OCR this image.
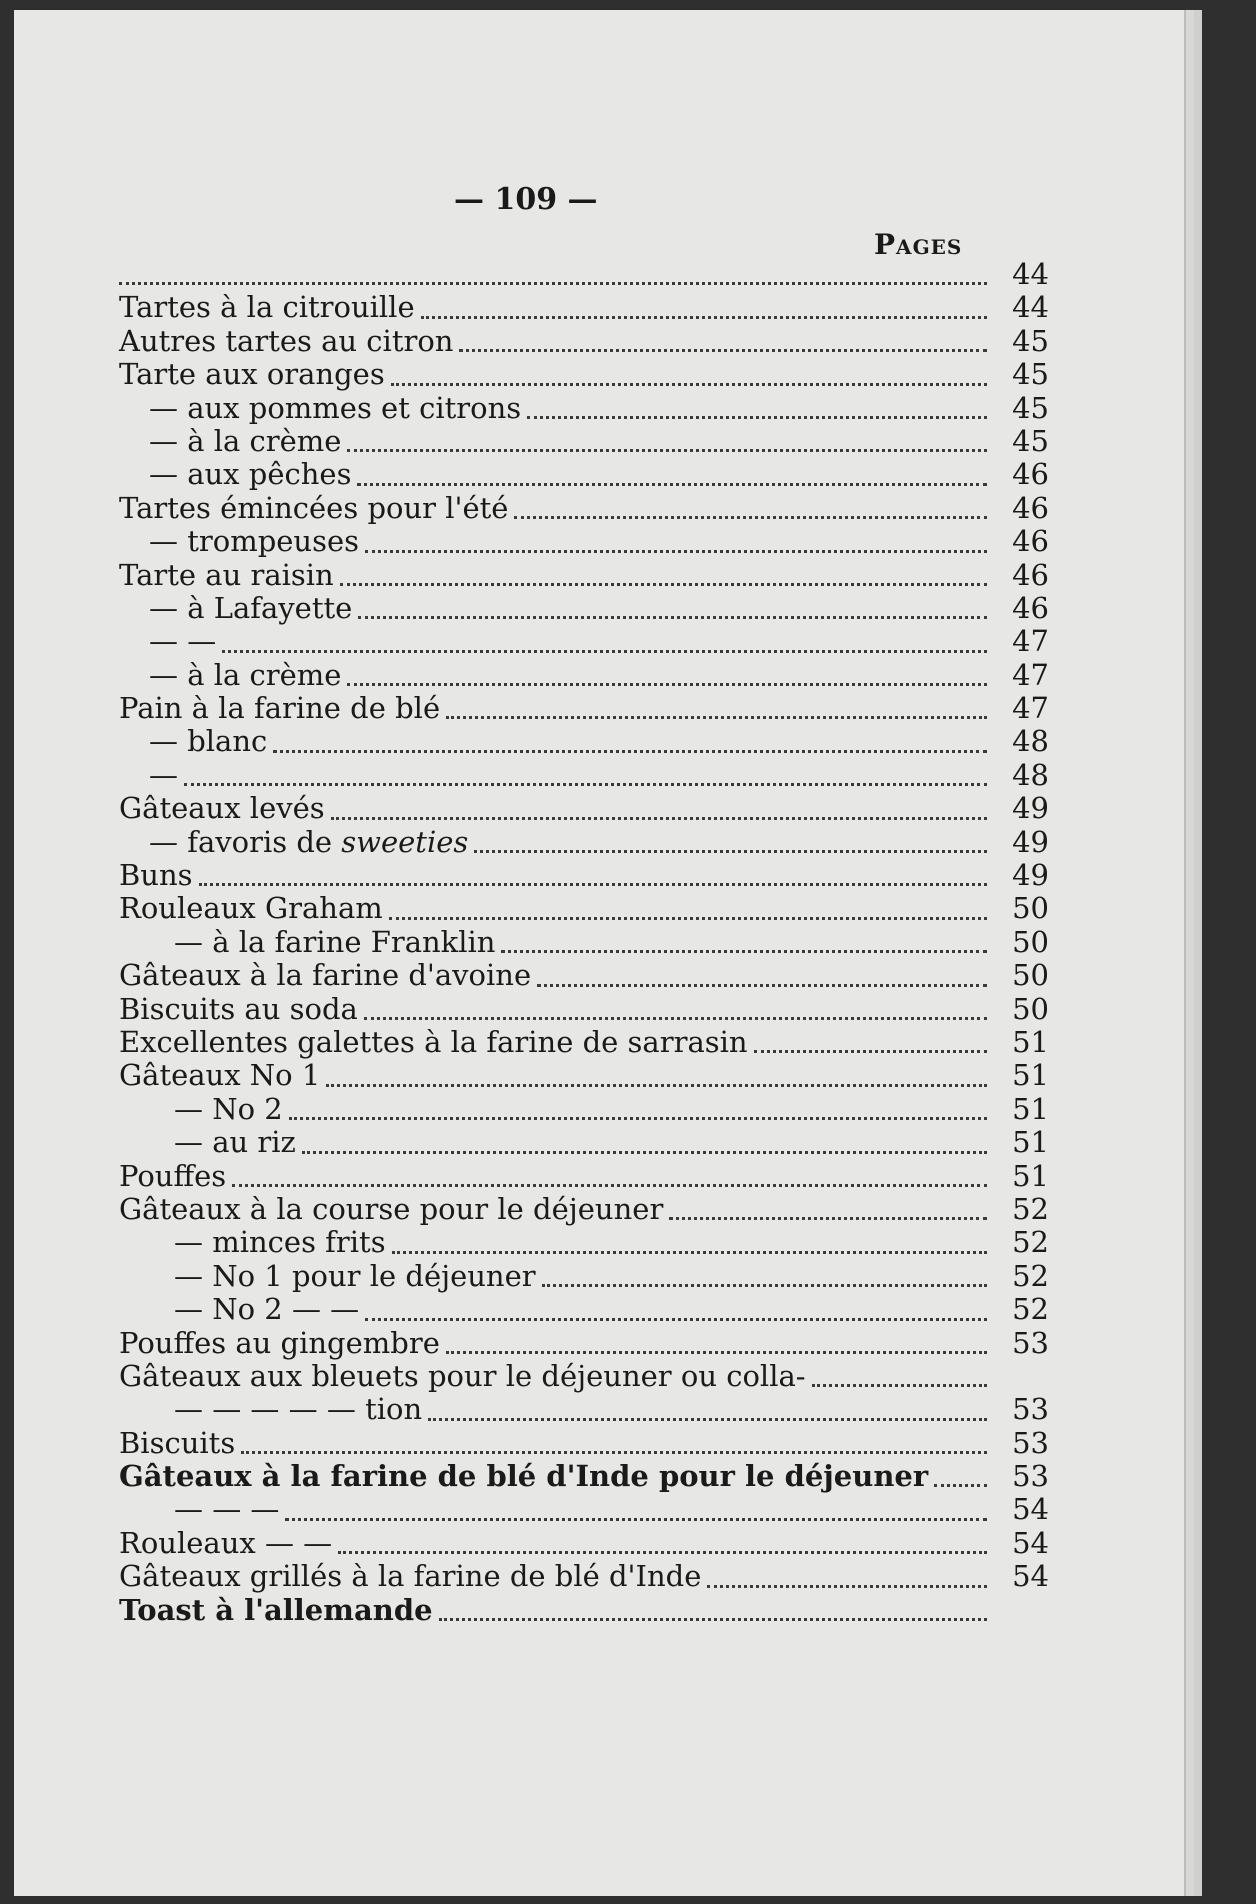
— 109 —
Pages
44
Tartes à la citrouille	44
Autres tartes au citron	45
Tarte aux oranges	45
— aux pommes et citrons	45
— à la crème	45
— aux pêches	46
Tartes émincées pour l'été	46
— trompeuses	46
Tarte au raisin	46
— à Lafayette	46
— —	47
— à la crème	47
Pain à la farine de blé	47
— blanc	48
—	48
Gâteaux levés	49
— favoris de sweeties	49
Buns	49
Rouleaux Graham	50
— à la farine Franklin	50
Gâteaux à la farine d'avoine	50
Biscuits au soda	50
Excellentes galettes à la farine de sarrasin	51
Gâteaux No 1	51
— No 2	51
— au riz	51
Pouffes	51
Gâteaux à la course pour le déjeuner	52
— minces frits	52
— No 1 pour le déjeuner	52
— No 2 — —	52
Pouffes au gingembre	53
Gâteaux aux bleuets pour le déjeuner ou colla-
— — — — — tion	53
Biscuits	53
Gâteaux à la farine de blé d'Inde pour le déjeuner	53
— — —	54
Rouleaux — —	54
Gâteaux grillés à la farine de blé d'Inde	54
Toast à l'allemande
